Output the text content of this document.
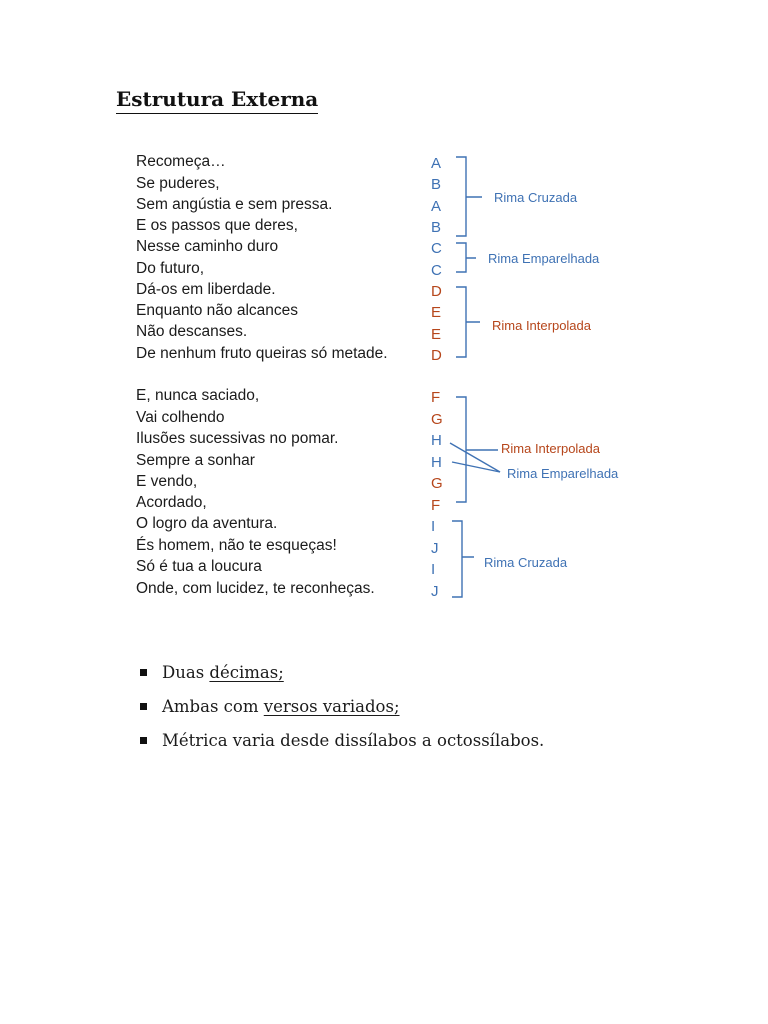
Estrutura Externa
Recomeça…
Se puderes,
Sem angústia e sem pressa.
E os passos que deres,
Nesse caminho duro
Do futuro,
Dá-os em liberdade.
Enquanto não alcances
Não descanses.
De nenhum fruto queiras só metade.
A
B
A
B
C
C
D
E
E
D
Rima Cruzada
Rima Emparelhada
Rima Interpolada
E, nunca saciado,
Vai colhendo
Ilusões sucessivas no pomar.
Sempre a sonhar
E vendo,
Acordado,
O logro da aventura.
És homem, não te esqueças!
Só é tua a loucura
Onde, com lucidez, te reconheças.
F
G
H
H
G
F
I
J
I
J
Rima Interpolada
Rima Emparelhada
Rima Cruzada
Duas décimas;
Ambas com versos variados;
Métrica varia desde dissílabos a octossílabos.
